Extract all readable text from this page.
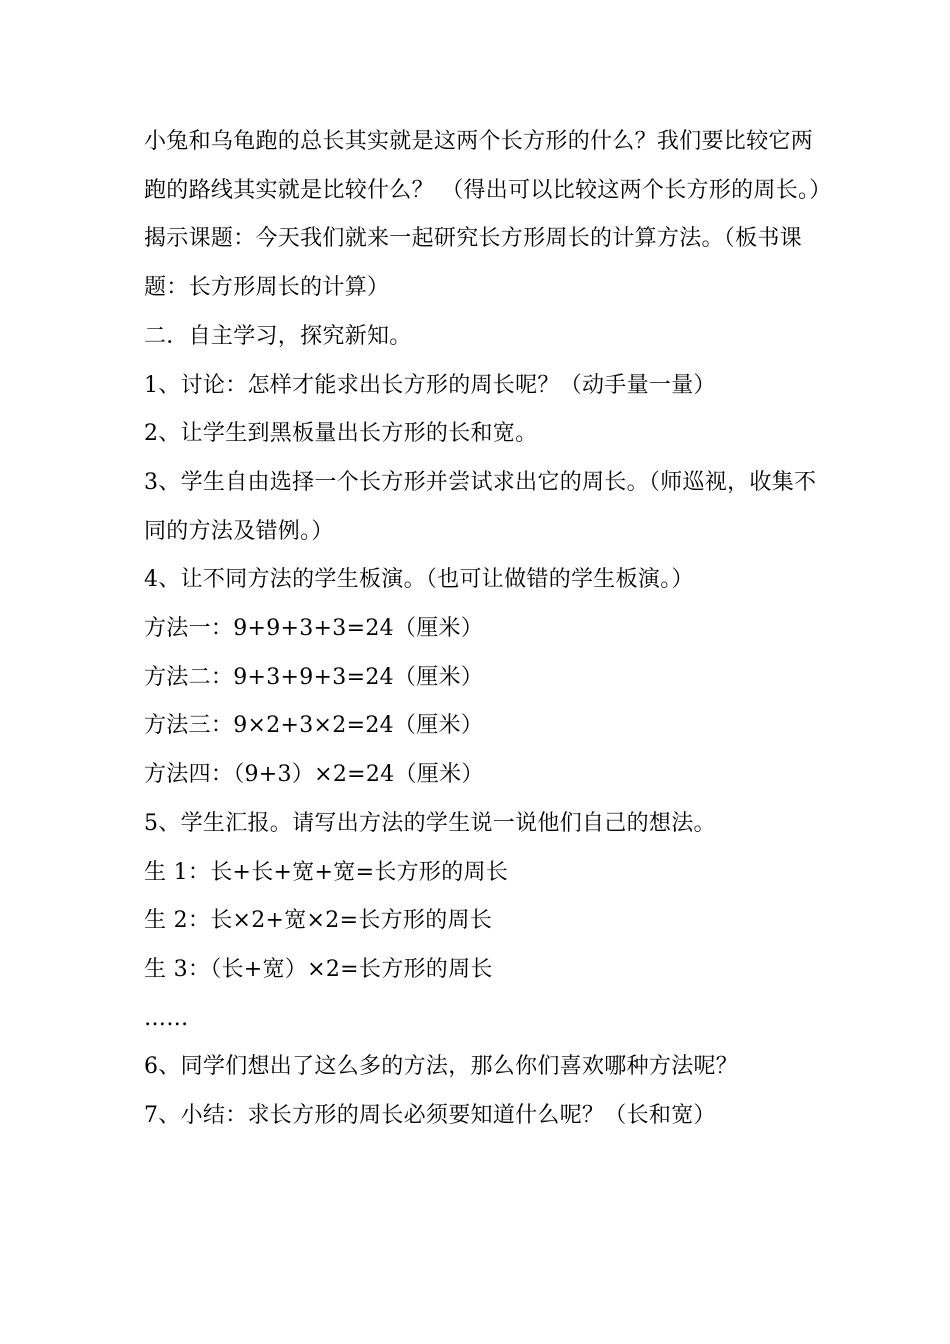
小兔和乌龟跑的总长其实就是这两个长方形的什么？我们要比较它两跑的路线其实就是比较什么？ （得出可以比较这两个长方形的周长。）

揭示课题：今天我们就来一起研究长方形周长的计算方法。（板书课题：长方形周长的计算）

二．自主学习，探究新知。

1、讨论：怎样才能求出长方形的周长呢？（动手量一量）

2、让学生到黑板量出长方形的长和宽。

3、学生自由选择一个长方形并尝试求出它的周长。（师巡视，收集不同的方法及错例。）

4、让不同方法的学生板演。（也可让做错的学生板演。）

方法一：9+9+3+3=24（厘米）

方法二：9+3+9+3=24（厘米）

方法三：9×2+3×2=24（厘米）

方法四：（9+3）×2=24（厘米）

5、学生汇报。请写出方法的学生说一说他们自己的想法。

生 1：长+长+宽+宽=长方形的周长

生 2：长×2+宽×2=长方形的周长

生 3：（长+宽）×2=长方形的周长

……

6、同学们想出了这么多的方法，那么你们喜欢哪种方法呢？

7、小结：求长方形的周长必须要知道什么呢？（长和宽）
